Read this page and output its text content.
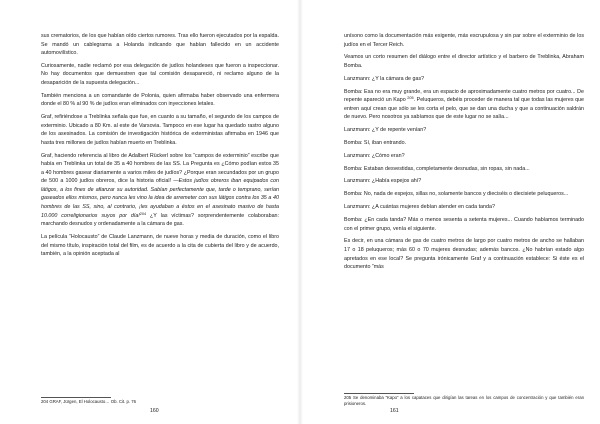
sus crematorios, de los que habían oído ciertos rumores. Tras ello fueron ejecutados por la espalda. Se mandó un cablegrama a Holanda indicando que habían fallecido en un accidente automovilístico.

Curiosamente, nadie reclamó por esa delegación de judíos holandeses que fueron a inspeccionar. No hay documentos que demuestren que tal comisión desapareció, ni reclamo alguno de la desaparición de la supuesta delegación...

También menciona a un comandante de Polonia, quien afirmaba haber observado una enfermera donde el 80 % al 90 % de judíos eran eliminados con inyecciones letales.

Graf, refiriéndose a Treblinka señala que fue, en cuanto a su tamaño, el segundo de los campos de exterminio. Ubicado a 80 Km. al este de Varsovia. Tampoco en ese lugar ha quedado rastro alguno de los asesinados. La comisión de investigación histórica de exterministas afirmaba en 1946 que hasta tres millones de judíos habían muerto en Treblinka.

Graf, haciendo referencia al libro de Adalbert Rückerl sobre los “campos de exterminio” escribe que había en Treblinka un total de 35 a 40 hombres de las SS. La Pregunta es ¿Cómo podían estos 35 a 40 hombres gasear diariamente a varios miles de judíos? ¿Porque eran secundados por un grupo de 500 a 1000 judíos obreros, dice la historia oficial! —Estos judíos obreros iban equipados con látigos, a los fines de afianzar su autoridad. Sabían perfectamente que, tarde o temprano, serían gaseados ellos mismos, pero nunca les vino la idea de arremeter con sus látigos contra los 35 a 40 hombres de las SS, sino, al contrario, ¡les ayudaban a éstos en el asesinato masivo de hasta 10.000 correligionarios suyos por día!$^{204}$ ¿Y las víctimas? sorprendentemente colaboraban: marchando desnudos y ordenadamente a la cámara de gas.

La película “Holocausto” de Claude Lanzmann, de nueve horas y media de duración, como el libro del mismo título, inspiración total del film, es de acuerdo a la cita de cubierta del libro y de acuerdo, también, a la opinión aceptada al

204 GRAF, Jürgen, El Holocausto… Ob. Cit. p. 76
160

unísono como la documentación más exigente, más escrupulosa y sin par sobre el exterminio de los judíos en el Tercer Reich.

Veamos un corto resumen del diálogo entre el director artístico y el barbero de Treblinka, Abraham Bomba.

Lanzmann: ¿Y la cámara de gas?

Bomba: Esa no era muy grande, era un espacio de aproximadamente cuatro metros por cuatro... De repente apareció un Kapo $^{205}$. Peluqueros, debéis proceder de manera tal que todas las mujeres que entren aquí crean que sólo se les corta el pelo, que se dan una ducha y que a continuación saldrán de nuevo. Pero nosotros ya sabíamos que de este lugar no se salía...

Lanzmann: ¿Y de repente venían?

Bomba: Sí, iban entrando.

Lanzmann: ¿Cómo eran?

Bomba: Estaban desvestidas, completamente desnudas, sin ropas, sin nada...

Lanzmann: ¿Había espejos ahí?

Bomba: No, nada de espejos, sillas no, solamente bancos y dieciséis o diecisiete peluqueros...

Lanzmann: ¿A cuántas mujeres debían atender en cada tanda?

Bomba: ¿En cada tanda? Más o menos sesenta a setenta mujeres... Cuando habíamos terminado con el primer grupo, venía el siguiente.

Es decir, en una cámara de gas de cuatro metros de largo por cuatro metros de ancho se hallaban 17 o 18 peluqueros; más 60 o 70 mujeres desnudas; además bancos. ¿No habrían estado algo apretados en ese local? Se pregunta irónicamente Graf y a continuación establece: Si éste es el documento “más

205 Se denominaba “Kapo” a los capataces que dirigían las tareas en los campos de concentración y que también eran prisioneros.
161
